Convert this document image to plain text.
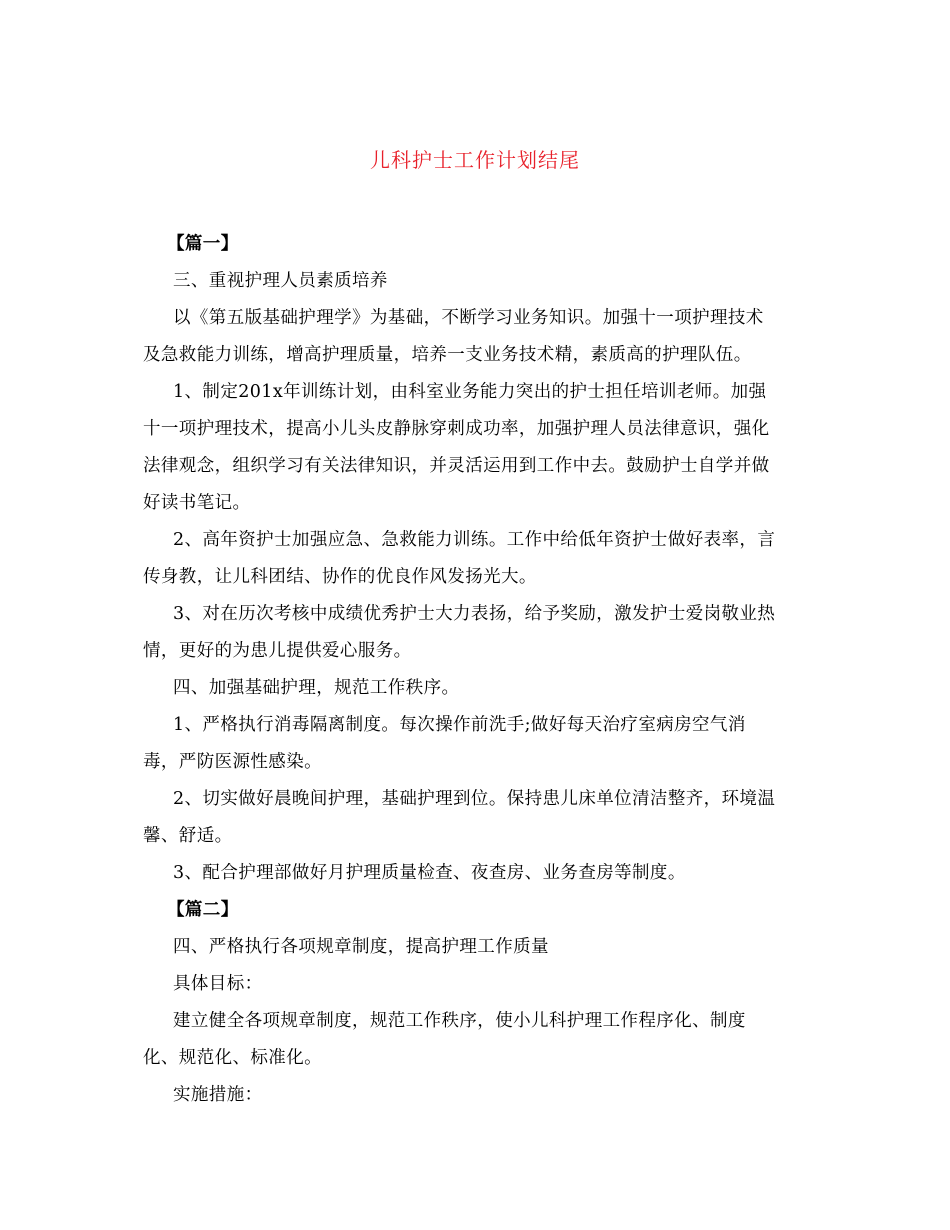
儿科护士工作计划结尾
【篇一】
三、重视护理人员素质培养
以《第五版基础护理学》为基础，不断学习业务知识。加强十一项护理技术
及急救能力训练，增高护理质量，培养一支业务技术精，素质高的护理队伍。
1、制定201x年训练计划，由科室业务能力突出的护士担任培训老师。加强
十一项护理技术，提高小儿头皮静脉穿刺成功率，加强护理人员法律意识，强化
法律观念，组织学习有关法律知识，并灵活运用到工作中去。鼓励护士自学并做
好读书笔记。
2、高年资护士加强应急、急救能力训练。工作中给低年资护士做好表率，言
传身教，让儿科团结、协作的优良作风发扬光大。
3、对在历次考核中成绩优秀护士大力表扬，给予奖励，激发护士爱岗敬业热
情，更好的为患儿提供爱心服务。
四、加强基础护理，规范工作秩序。
1、严格执行消毒隔离制度。每次操作前洗手;做好每天治疗室病房空气消
毒，严防医源性感染。
2、切实做好晨晚间护理，基础护理到位。保持患儿床单位清洁整齐，环境温
馨、舒适。
3、配合护理部做好月护理质量检查、夜查房、业务查房等制度。
【篇二】
四、严格执行各项规章制度，提高护理工作质量
具体目标：
建立健全各项规章制度，规范工作秩序，使小儿科护理工作程序化、制度
化、规范化、标准化。
实施措施：
